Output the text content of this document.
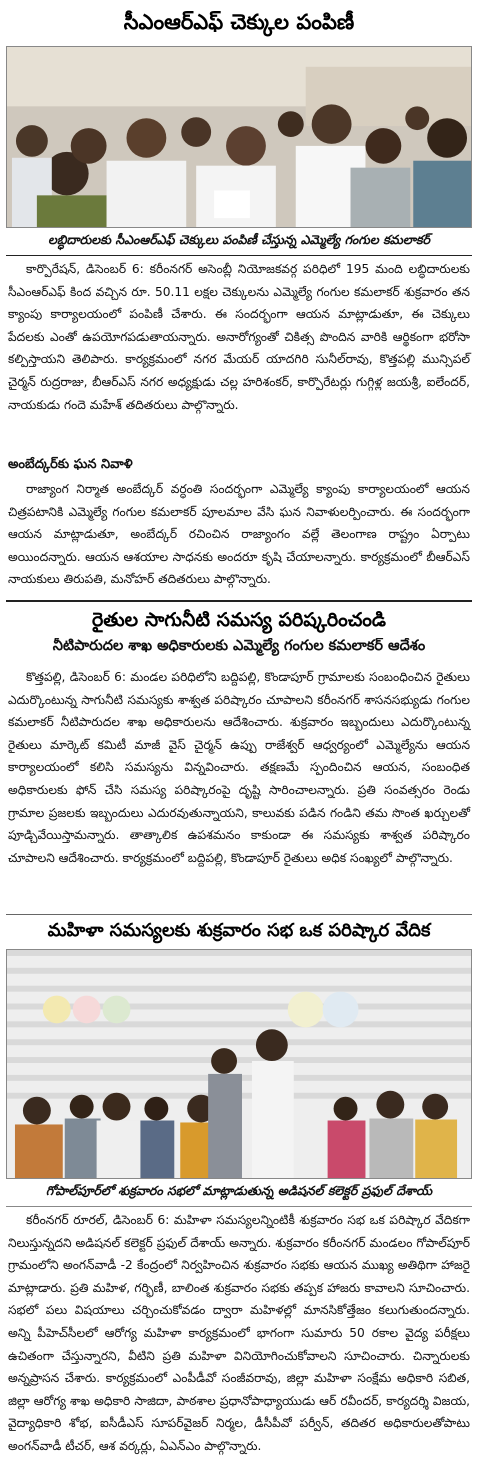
సీఎంఆర్ఎఫ్ చెక్కుల పంపిణీ
లబ్ధిదారులకు సీఎంఆర్ఎఫ్ చెక్కులు పంపిణీ చేస్తున్న ఎమ్మెల్యే గంగుల కమలాకర్
కార్పొరేషన్, డిసెంబర్ 6: కరీంనగర్ అసెంబ్లీ నియోజకవర్గ పరిధిలో 195 మంది లబ్ధిదారులకు సీఎంఆర్ఎఫ్ కింద వచ్చిన రూ. 50.11 లక్షల చెక్కులను ఎమ్మెల్యే గంగుల కమలాకర్ శుక్రవారం తన క్యాంపు కార్యాలయంలో పంపిణీ చేశారు. ఈ సందర్భంగా ఆయన మాట్లాడుతూ, ఈ చెక్కులు పేదలకు ఎంతో ఉపయోగపడుతాయన్నారు. అనారోగ్యంతో చికిత్స పొందిన వారికి ఆర్థికంగా భరోసా కల్పిస్తాయని తెలిపారు. కార్యక్రమంలో నగర మేయర్ యాదగిరి సునీల్‌రావు, కొత్తపల్లి మున్సిపల్ చైర్మన్ రుద్రరాజు, బీఆర్ఎస్ నగర అధ్యక్షుడు చల్ల హరిశంకర్, కార్పొరేటర్లు గుగ్గిళ్ల జయశ్రీ, ఐలేందర్, నాయకుడు గందె మహేశ్ తదితరులు పాల్గొన్నారు.
అంబేద్కర్‌కు ఘన నివాళి
రాజ్యాంగ నిర్మాత అంబేద్కర్ వర్ధంతి సందర్భంగా ఎమ్మెల్యే క్యాంపు కార్యాలయంలో ఆయన చిత్రపటానికి ఎమ్మెల్యే గంగుల కమలాకర్ పూలమాల వేసి ఘన నివాళులర్పించారు. ఈ సందర్భంగా ఆయన మాట్లాడుతూ, అంబేద్కర్ రచించిన రాజ్యాంగం వల్లే తెలంగాణ రాష్ట్రం ఏర్పాటు అయిందన్నారు. ఆయన ఆశయాల సాధనకు అందరూ కృషి చేయాలన్నారు. కార్యక్రమంలో బీఆర్ఎస్ నాయకులు తిరుపతి, మనోహర్ తదితరులు పాల్గొన్నారు.
రైతుల సాగునీటి సమస్య పరిష్కరించండి
నీటిపారుదల శాఖ అధికారులకు ఎమ్మెల్యే గంగుల కమలాకర్ ఆదేశం
కొత్తపల్లి, డిసెంబర్ 6: మండల పరిధిలోని బద్దిపల్లి, కొండాపూర్ గ్రామాలకు సంబంధించిన రైతులు ఎదుర్కొంటున్న సాగునీటి సమస్యకు శాశ్వత పరిష్కారం చూపాలని కరీంనగర్ శాసనసభ్యుడు గంగుల కమలాకర్ నీటిపారుదల శాఖ అధికారులను ఆదేశించారు. శుక్రవారం ఇబ్బందులు ఎదుర్కొంటున్న రైతులు మార్కెట్ కమిటీ మాజీ వైస్ చైర్మన్ ఉప్పు రాజేశ్వర్ ఆధ్వర్యంలో ఎమ్మెల్యేను ఆయన కార్యాలయంలో కలిసి సమస్యను విన్నవించారు. తక్షణమే స్పందించిన ఆయన, సంబంధిత అధికారులకు ఫోన్ చేసి సమస్య పరిష్కారంపై దృష్టి సారించాలన్నారు. ప్రతి సంవత్సరం రెండు గ్రామాల ప్రజలకు ఇబ్బందులు ఎదురవుతున్నాయని, కాలువకు పడిన గండిని తమ సొంత ఖర్చులతో పూడ్చివేయిస్తామన్నారు. తాత్కాలిక ఉపశమనం కాకుండా ఈ సమస్యకు శాశ్వత పరిష్కారం చూపాలని ఆదేశించారు. కార్యక్రమంలో బద్దిపల్లి, కొండాపూర్ రైతులు అధిక సంఖ్యలో పాల్గొన్నారు.
మహిళా సమస్యలకు శుక్రవారం సభ ఒక పరిష్కార వేదిక
గోపాల్‌పూర్‌లో శుక్రవారం సభలో మాట్లాడుతున్న అడిషనల్ కలెక్టర్ ప్రఫుల్ దేశాయ్
కరీంనగర్ రూరల్, డిసెంబర్ 6: మహిళా సమస్యలన్నింటికీ శుక్రవారం సభ ఒక పరిష్కార వేదికగా నిలుస్తున్నదని అడిషనల్ కలెక్టర్ ప్రఫుల్ దేశాయ్ అన్నారు. శుక్రవారం కరీంనగర్ మండలం గోపాల్‌పూర్ గ్రామంలోని అంగన్‌వాడీ -2 కేంద్రంలో నిర్వహించిన శుక్రవారం సభకు ఆయన ముఖ్య అతిథిగా హాజరై మాట్లాడారు. ప్రతి మహిళ, గర్భిణీ, బాలింత శుక్రవారం సభకు తప్పక హాజరు కావాలని సూచించారు. సభలో పలు విషయాలు చర్చించుకోవడం ద్వారా మహిళల్లో మానసికోత్తేజం కలుగుతుందన్నారు. అన్ని పీహెచ్‌సీలలో ఆరోగ్య మహిళా కార్యక్రమంలో భాగంగా సుమారు 50 రకాల వైద్య పరీక్షలు ఉచితంగా చేస్తున్నారని, వీటిని ప్రతి మహిళా వినియోగించుకోవాలని సూచించారు. చిన్నారులకు అన్నప్రాసన చేశారు. కార్యక్రమంలో ఎంపీడీవో సంజీవరావు, జిల్లా మహిళా సంక్షేమ అధికారి సబిత, జిల్లా ఆరోగ్య శాఖ అధికారి సాజిదా, పాఠశాల ప్రధానోపాధ్యాయుడు ఆర్ రవీందర్, కార్యదర్శి విజయ, వైద్యాధికారి శోభ, ఐసీడీఎస్ సూపర్‌వైజర్ నిర్మల, డీసీపీవో పర్వీన్, తదితర అధికారులతోపాటు అంగన్‌వాడీ టీచర్, ఆశ వర్కర్లు, ఏఎన్ఎం పాల్గొన్నారు.
